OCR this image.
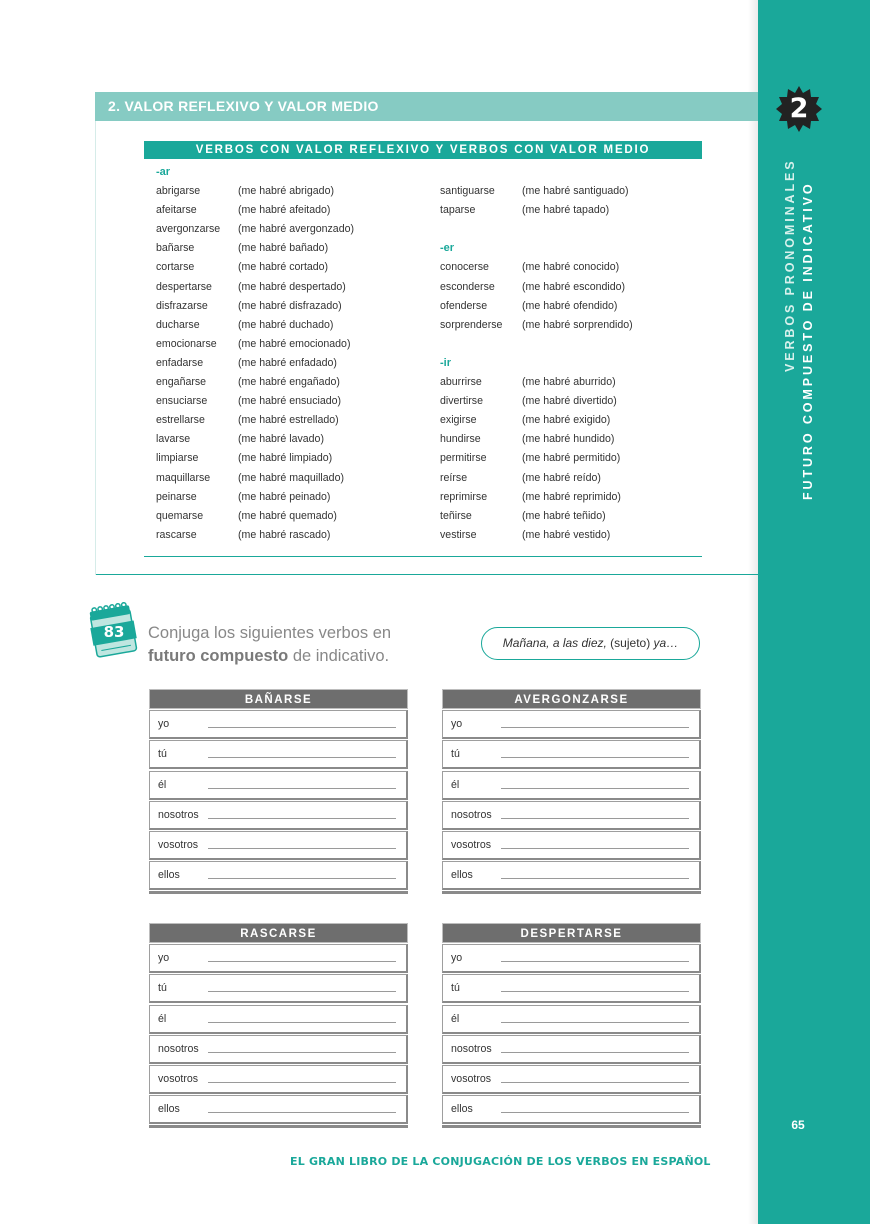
2
VERBOS PRONOMINALES FUTURO COMPUESTO DE INDICATIVO
65
2. VALOR REFLEXIVO Y VALOR MEDIO
VERBOS CON VALOR REFLEXIVO Y VERBOS CON VALOR MEDIO
-ar
abrigarse	(me habré abrigado)
afeitarse	(me habré afeitado)
avergonzarse (me habré avergonzado)
bañarse	(me habré bañado)
cortarse	(me habré cortado)
despertarse (me habré despertado)
disfrazarse	(me habré disfrazado)
ducharse	(me habré duchado)
emocionarse (me habré emocionado)
enfadarse	(me habré enfadado)
engañarse	(me habré engañado)
ensuciarse	(me habré ensuciado)
estrellarse	(me habré estrellado)
lavarse	(me habré lavado)
limpiarse	(me habré limpiado)
maquillarse	(me habré maquillado)
peinarse	(me habré peinado)
quemarse	(me habré quemado)
rascarse	(me habré rascado)
santiguarse	(me habré santiguado)
taparse	(me habré tapado)
-er
conocerse	(me habré conocido)
esconderse	(me habré escondido)
ofenderse	(me habré ofendido)
sorprenderse (me habré sorprendido)
-ir
aburrirse	(me habré aburrido)
divertirse	(me habré divertido)
exigirse	(me habré exigido)
hundirse	(me habré hundido)
permitirse	(me habré permitido)
reírse	(me habré reído)
reprimirse	(me habré reprimido)
teñirse	(me habré teñido)
vestirse	(me habré vestido)
83 Conjuga los siguientes verbos en
futuro compuesto de indicativo.
Mañana, a las diez, (sujeto) ya…
BAÑARSE
yo
tú
él
nosotros
vosotros
ellos
AVERGONZARSE
yo
tú
él
nosotros
vosotros
ellos
RASCARSE
yo
tú
él
nosotros
vosotros
ellos
DESPERTARSE
yo
tú
él
nosotros
vosotros
ellos
EL GRAN LIBRO DE LA CONJUGACIÓN DE LOS VERBOS EN ESPAÑOL
